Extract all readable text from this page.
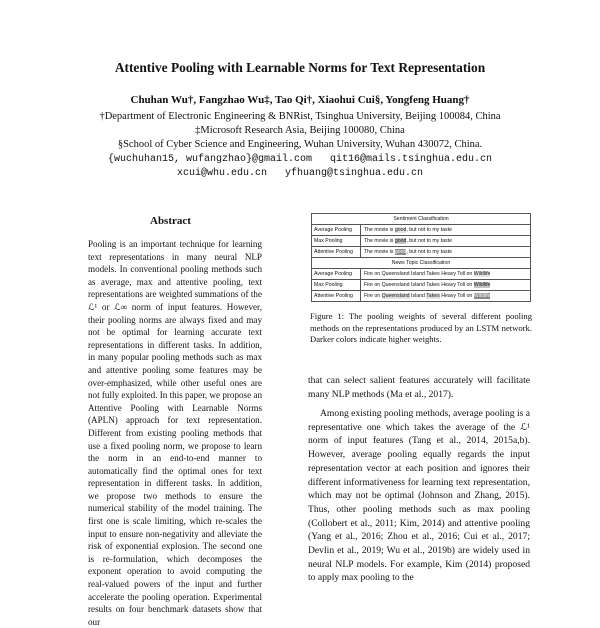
Attentive Pooling with Learnable Norms for Text Representation
Chuhan Wu†, Fangzhao Wu‡, Tao Qi†, Xiaohui Cui§, Yongfeng Huang†
†Department of Electronic Engineering & BNRist, Tsinghua University, Beijing 100084, China
‡Microsoft Research Asia, Beijing 100080, China
§School of Cyber Science and Engineering, Wuhan University, Wuhan 430072, China.
{wuchuhan15, wufangzhao}@gmail.com   qit16@mails.tsinghua.edu.cn
xcui@whu.edu.cn   yfhuang@tsinghua.edu.cn
Abstract

Pooling is an important technique for learning text representations in many neural NLP models. In conventional pooling methods such as average, max and attentive pooling, text representations are weighted summations of the ℒ¹ or ℒ∞ norm of input features. However, their pooling norms are always fixed and may not be optimal for learning accurate text representations in different tasks. In addition, in many popular pooling methods such as max and attentive pooling some features may be over-emphasized, while other useful ones are not fully exploited. In this paper, we propose an Attentive Pooling with Learnable Norms (APLN) approach for text representation. Different from existing pooling methods that use a fixed pooling norm, we propose to learn the norm in an end-to-end manner to automatically find the optimal ones for text representation in different tasks. In addition, we propose two methods to ensure the numerical stability of the model training. The first one is scale limiting, which re-scales the input to ensure non-negativity and alleviate the risk of exponential explosion. The second one is re-formulation, which decomposes the exponent operation to avoid computing the real-valued powers of the input and further accelerate the pooling operation. Experimental results on four benchmark datasets show that our

Sentiment Classification
Average Pooling	The movie is good, but not to my taste
Max Pooling	The movie is good, but not to my taste
Attentive Pooling	The movie is good, but not to my taste
News Topic Classification
Average Pooling	Fire on Queensland Island Takes Heavy Toll on Wildlife
Max Pooling	Fire on Queensland Island Takes Heavy Toll on Wildlife
Attentive Pooling	Fire on Queensland Island Takes Heavy Toll on Wildlife
Figure 1: The pooling weights of several different pooling methods on the representations produced by an LSTM network. Darker colors indicate higher weights.

that can select salient features accurately will facilitate many NLP methods (Ma et al., 2017).

Among existing pooling methods, average pooling is a representative one which takes the average of the ℒ¹ norm of input features (Tang et al., 2014, 2015a,b). However, average pooling equally regards the input representation vector at each position and ignores their different informativeness for learning text representation, which may not be optimal (Johnson and Zhang, 2015). Thus, other pooling methods such as max pooling (Collobert et al., 2011; Kim, 2014) and attentive pooling (Yang et al., 2016; Zhou et al., 2016; Cui et al., 2017; Devlin et al., 2019; Wu et al., 2019b) are widely used in neural NLP models. For example, Kim (2014) proposed to apply max pooling to the
